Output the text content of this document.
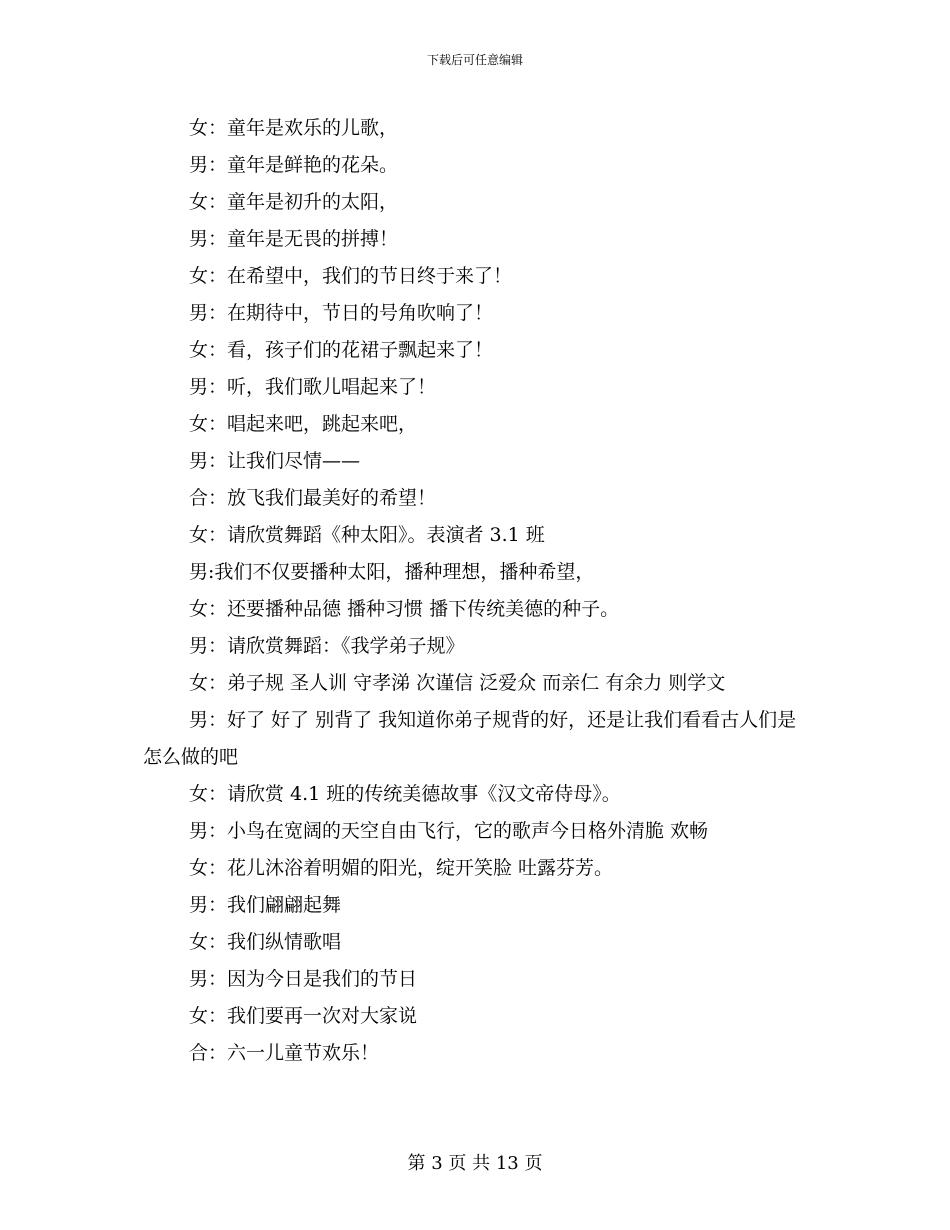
下载后可任意编辑

女：童年是欢乐的儿歌，

男：童年是鲜艳的花朵。

女：童年是初升的太阳，

男：童年是无畏的拼搏！

女：在希望中，我们的节日终于来了！

男：在期待中，节日的号角吹响了！

女：看，孩子们的花裙子飘起来了！

男：听，我们歌儿唱起来了！

女：唱起来吧，跳起来吧，

男：让我们尽情——

合：放飞我们最美好的希望！

女：请欣赏舞蹈《种太阳》。表演者 3.1 班

男:我们不仅要播种太阳，播种理想，播种希望，

女：还要播种品德 播种习惯 播下传统美德的种子。

男：请欣赏舞蹈：《我学弟子规》

女：弟子规 圣人训 守孝涕 次谨信 泛爱众 而亲仁 有余力 则学文

男：好了 好了 别背了 我知道你弟子规背的好，还是让我们看看古人们是怎么做的吧

女：请欣赏 4.1 班的传统美德故事《汉文帝侍母》。

男：小鸟在宽阔的天空自由飞行，它的歌声今日格外清脆 欢畅

女：花儿沐浴着明媚的阳光，绽开笑脸 吐露芬芳。

男：我们翩翩起舞

女：我们纵情歌唱

男：因为今日是我们的节日

女：我们要再一次对大家说

合：六一儿童节欢乐！

第 3 页 共 13 页
